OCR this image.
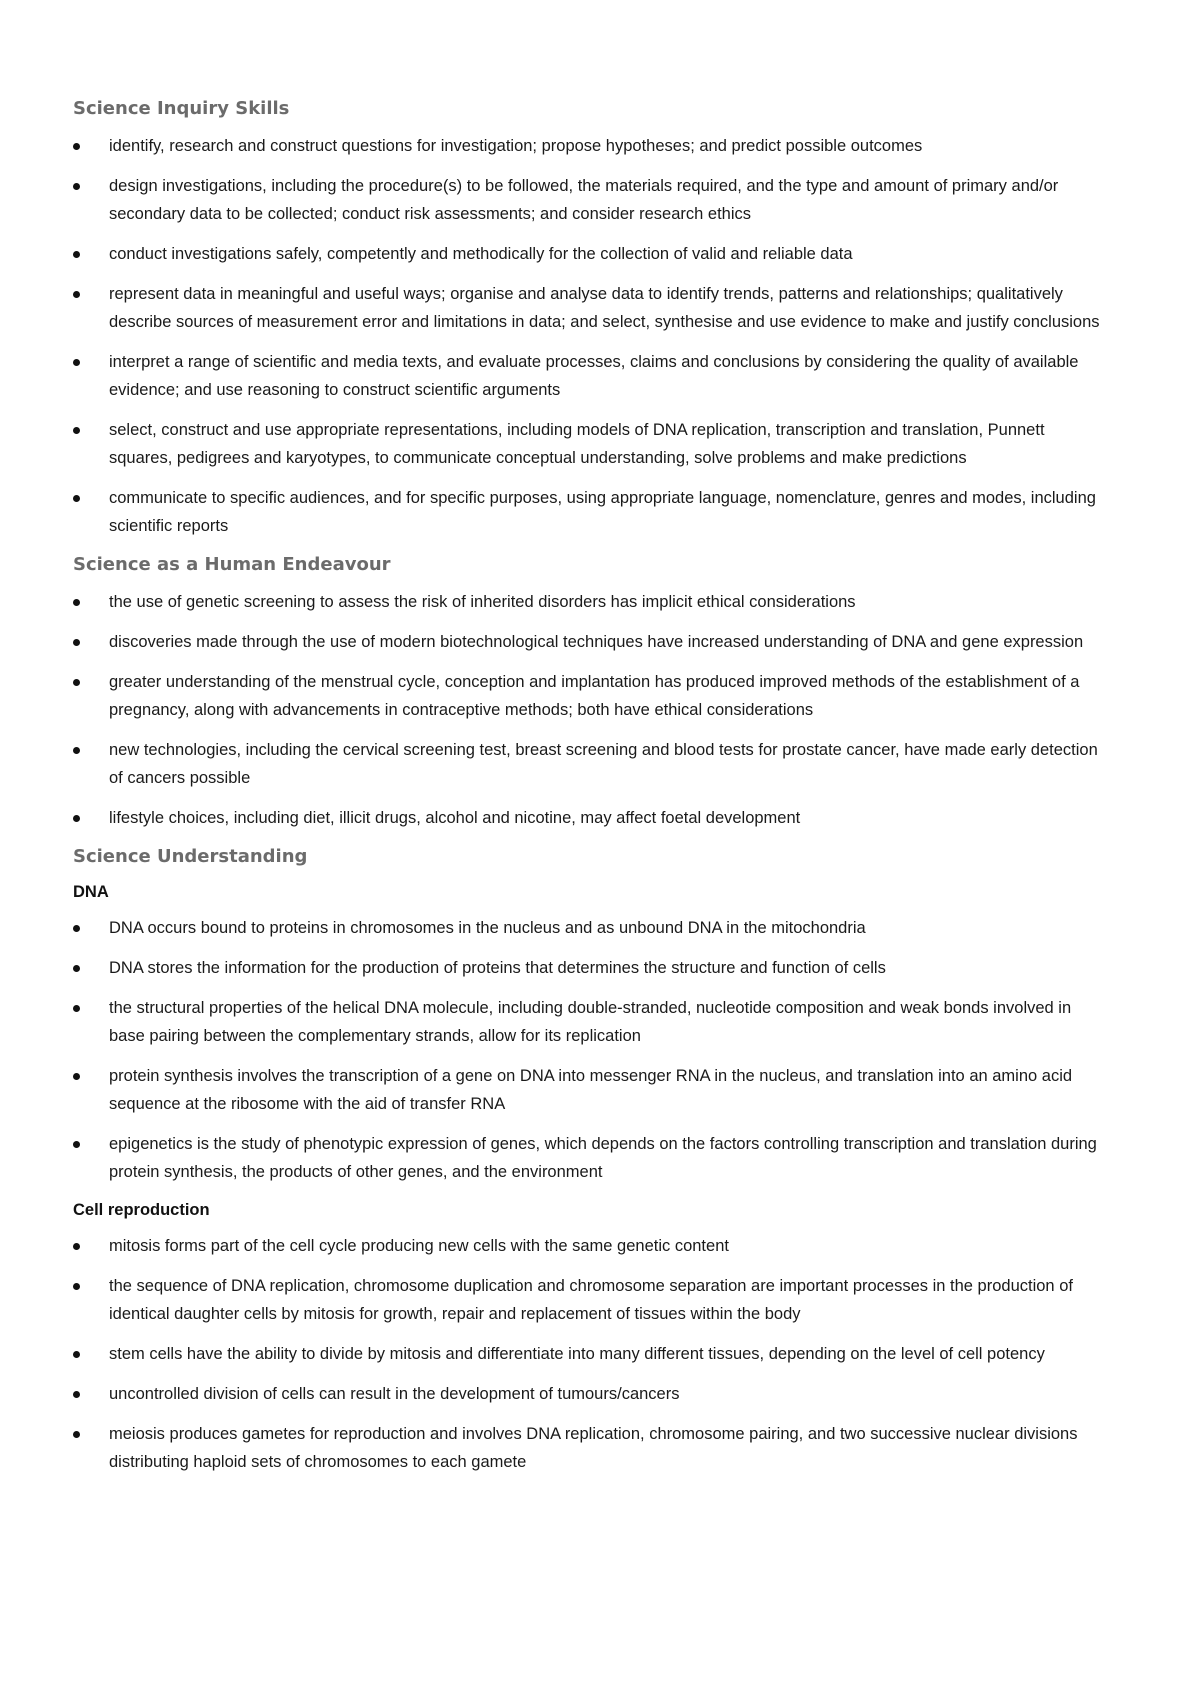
Science Inquiry Skills
identify, research and construct questions for investigation; propose hypotheses; and predict possible outcomes
design investigations, including the procedure(s) to be followed, the materials required, and the type and amount of primary and/or secondary data to be collected; conduct risk assessments; and consider research ethics
conduct investigations safely, competently and methodically for the collection of valid and reliable data
represent data in meaningful and useful ways; organise and analyse data to identify trends, patterns and relationships; qualitatively describe sources of measurement error and limitations in data; and select, synthesise and use evidence to make and justify conclusions
interpret a range of scientific and media texts, and evaluate processes, claims and conclusions by considering the quality of available evidence; and use reasoning to construct scientific arguments
select, construct and use appropriate representations, including models of DNA replication, transcription and translation, Punnett squares, pedigrees and karyotypes, to communicate conceptual understanding, solve problems and make predictions
communicate to specific audiences, and for specific purposes, using appropriate language, nomenclature, genres and modes, including scientific reports
Science as a Human Endeavour
the use of genetic screening to assess the risk of inherited disorders has implicit ethical considerations
discoveries made through the use of modern biotechnological techniques have increased understanding of DNA and gene expression
greater understanding of the menstrual cycle, conception and implantation has produced improved methods of the establishment of a pregnancy, along with advancements in contraceptive methods; both have ethical considerations
new technologies, including the cervical screening test, breast screening and blood tests for prostate cancer, have made early detection of cancers possible
lifestyle choices, including diet, illicit drugs, alcohol and nicotine, may affect foetal development
Science Understanding
DNA
DNA occurs bound to proteins in chromosomes in the nucleus and as unbound DNA in the mitochondria
DNA stores the information for the production of proteins that determines the structure and function of cells
the structural properties of the helical DNA molecule, including double-stranded, nucleotide composition and weak bonds involved in base pairing between the complementary strands, allow for its replication
protein synthesis involves the transcription of a gene on DNA into messenger RNA in the nucleus, and translation into an amino acid sequence at the ribosome with the aid of transfer RNA
epigenetics is the study of phenotypic expression of genes, which depends on the factors controlling transcription and translation during protein synthesis, the products of other genes, and the environment
Cell reproduction
mitosis forms part of the cell cycle producing new cells with the same genetic content
the sequence of DNA replication, chromosome duplication and chromosome separation are important processes in the production of identical daughter cells by mitosis for growth, repair and replacement of tissues within the body
stem cells have the ability to divide by mitosis and differentiate into many different tissues, depending on the level of cell potency
uncontrolled division of cells can result in the development of tumours/cancers
meiosis produces gametes for reproduction and involves DNA replication, chromosome pairing, and two successive nuclear divisions distributing haploid sets of chromosomes to each gamete
